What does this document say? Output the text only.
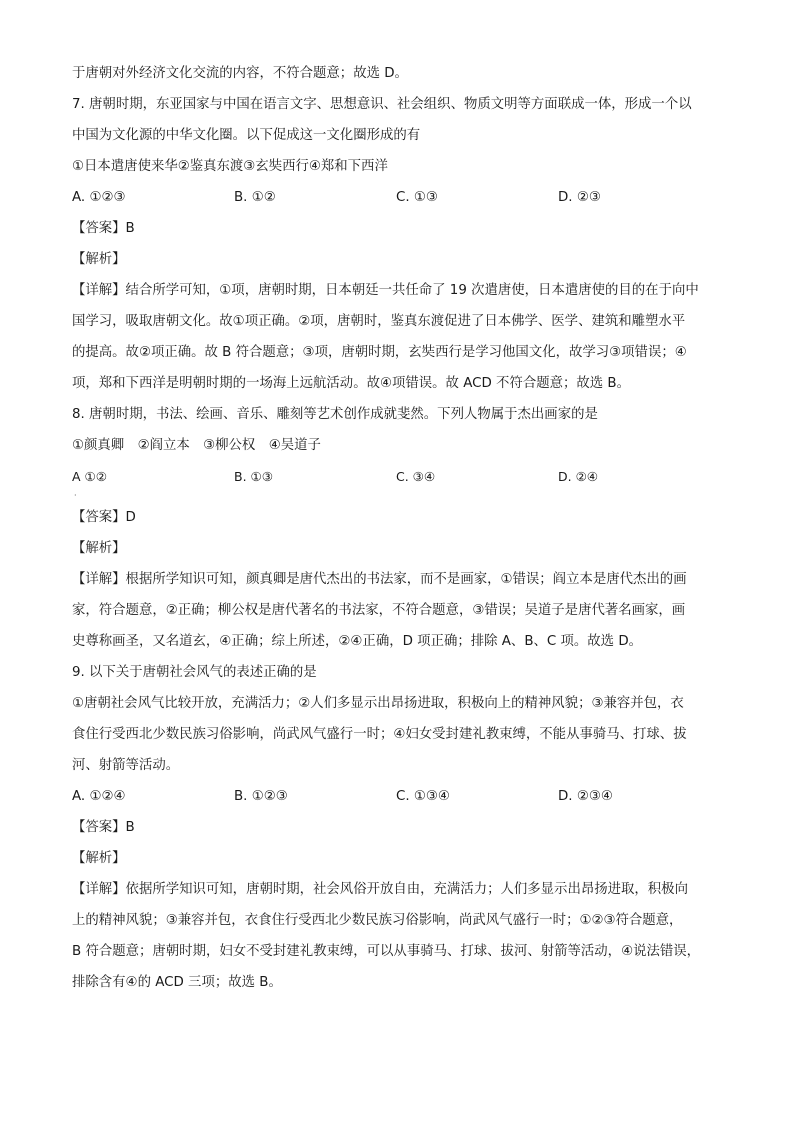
于唐朝对外经济文化交流的内容，不符合题意；故选 D。
7. 唐朝时期，东亚国家与中国在语言文字、思想意识、社会组织、物质文明等方面联成一体，形成一个以
中国为文化源的中华文化圈。以下促成这一文化圈形成的有
①日本遣唐使来华②鉴真东渡③玄奘西行④郑和下西洋
A. ①②③	B. ①②	C. ①③	D. ②③
【答案】B
【解析】
【详解】结合所学可知，①项，唐朝时期，日本朝廷一共任命了 19 次遣唐使，日本遣唐使的目的在于向中
国学习，吸取唐朝文化。故①项正确。②项，唐朝时，鉴真东渡促进了日本佛学、医学、建筑和雕塑水平
的提高。故②项正确。故 B 符合题意；③项，唐朝时期，玄奘西行是学习他国文化，故学习③项错误；④
项，郑和下西洋是明朝时期的一场海上远航活动。故④项错误。故 ACD 不符合题意；故选 B。
8. 唐朝时期，书法、绘画、音乐、雕刻等艺术创作成就斐然。下列人物属于杰出画家的是
①颜真卿　②阎立本　③柳公权　④吴道子
A ①②	B. ①③	C. ③④	D. ②④
·
【答案】D
【解析】
【详解】根据所学知识可知，颜真卿是唐代杰出的书法家，而不是画家，①错误；阎立本是唐代杰出的画
家，符合题意，②正确；柳公权是唐代著名的书法家，不符合题意，③错误；吴道子是唐代著名画家，画
史尊称画圣，又名道玄，④正确；综上所述，②④正确，D 项正确；排除 A、B、C 项。故选 D。
9. 以下关于唐朝社会风气的表述正确的是
①唐朝社会风气比较开放，充满活力；②人们多显示出昂扬进取，积极向上的精神风貌；③兼容并包，衣
食住行受西北少数民族习俗影响，尚武风气盛行一时；④妇女受封建礼教束缚，不能从事骑马、打球、拔
河、射箭等活动。
A. ①②④	B. ①②③	C. ①③④	D. ②③④
【答案】B
【解析】
【详解】依据所学知识可知，唐朝时期，社会风俗开放自由，充满活力；人们多显示出昂扬进取，积极向
上的精神风貌；③兼容并包，衣食住行受西北少数民族习俗影响，尚武风气盛行一时；①②③符合题意，
B 符合题意；唐朝时期，妇女不受封建礼教束缚，可以从事骑马、打球、拔河、射箭等活动，④说法错误，
排除含有④的 ACD 三项；故选 B。
